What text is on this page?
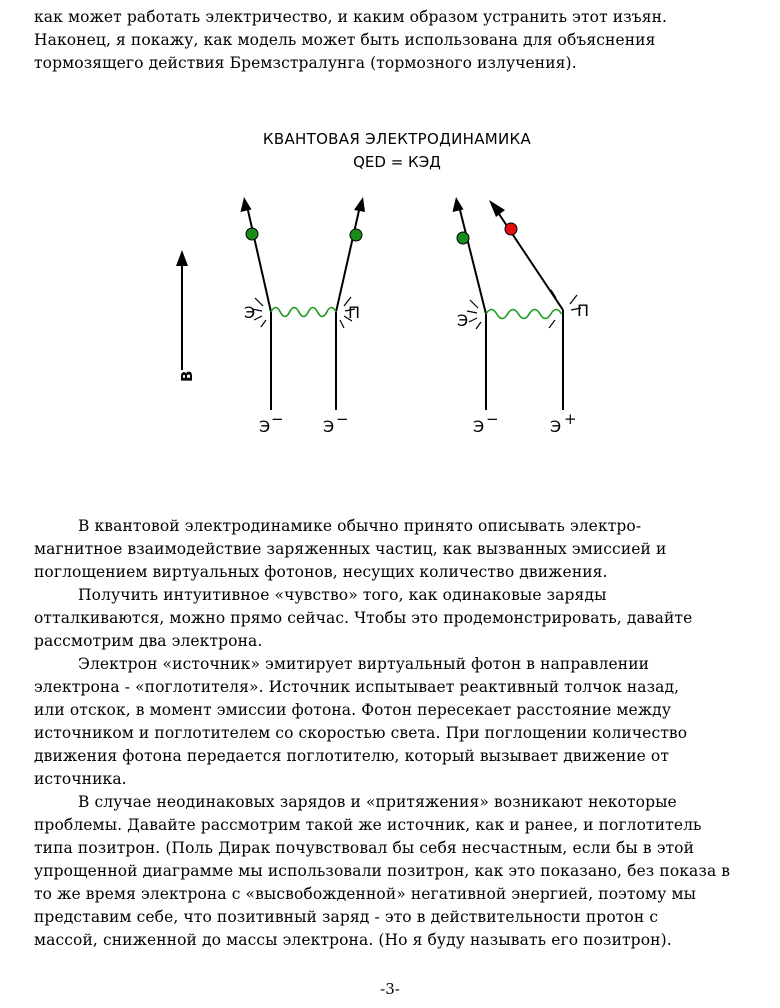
как может работать электричество, и каким образом устранить этот изъян.
Наконец, я покажу, как модель может быть использована для объяснения
тормозящего действия Бремзстралунга (тормозного излучения).
КВАНТОВАЯ ЭЛЕКТРОДИНАМИКА
QED = КЭД
B
Э	П
Э − Э −
Э
П
Э −	Э +
В квантовой электродинамике обычно принято описывать электро-
магнитное взаимодействие заряженных частиц, как вызванных эмиссией и
поглощением виртуальных фотонов, несущих количество движения.
Получить интуитивное «чувство» того, как одинаковые заряды
отталкиваются, можно прямо сейчас. Чтобы это продемонстрировать, давайте
рассмотрим два электрона.
Электрон «источник» эмитирует виртуальный фотон в направлении
электрона - «поглотителя». Источник испытывает реактивный толчок назад,
или отскок, в момент эмиссии фотона. Фотон пересекает расстояние между
источником и поглотителем со скоростью света. При поглощении количество
движения фотона передается поглотителю, который вызывает движение от
источника.
В случае неодинаковых зарядов и «притяжения» возникают некоторые
проблемы. Давайте рассмотрим такой же источник, как и ранее, и поглотитель
типа позитрон. (Поль Дирак почувствовал бы себя несчастным, если бы в этой
упрощенной диаграмме мы использовали позитрон, как это показано, без показа в
то же время электрона с «высвобожденной» негативной энергией, поэтому мы
представим себе, что позитивный заряд - это в действительности протон с
массой, сниженной до массы электрона. (Но я буду называть его позитрон).
-3-
